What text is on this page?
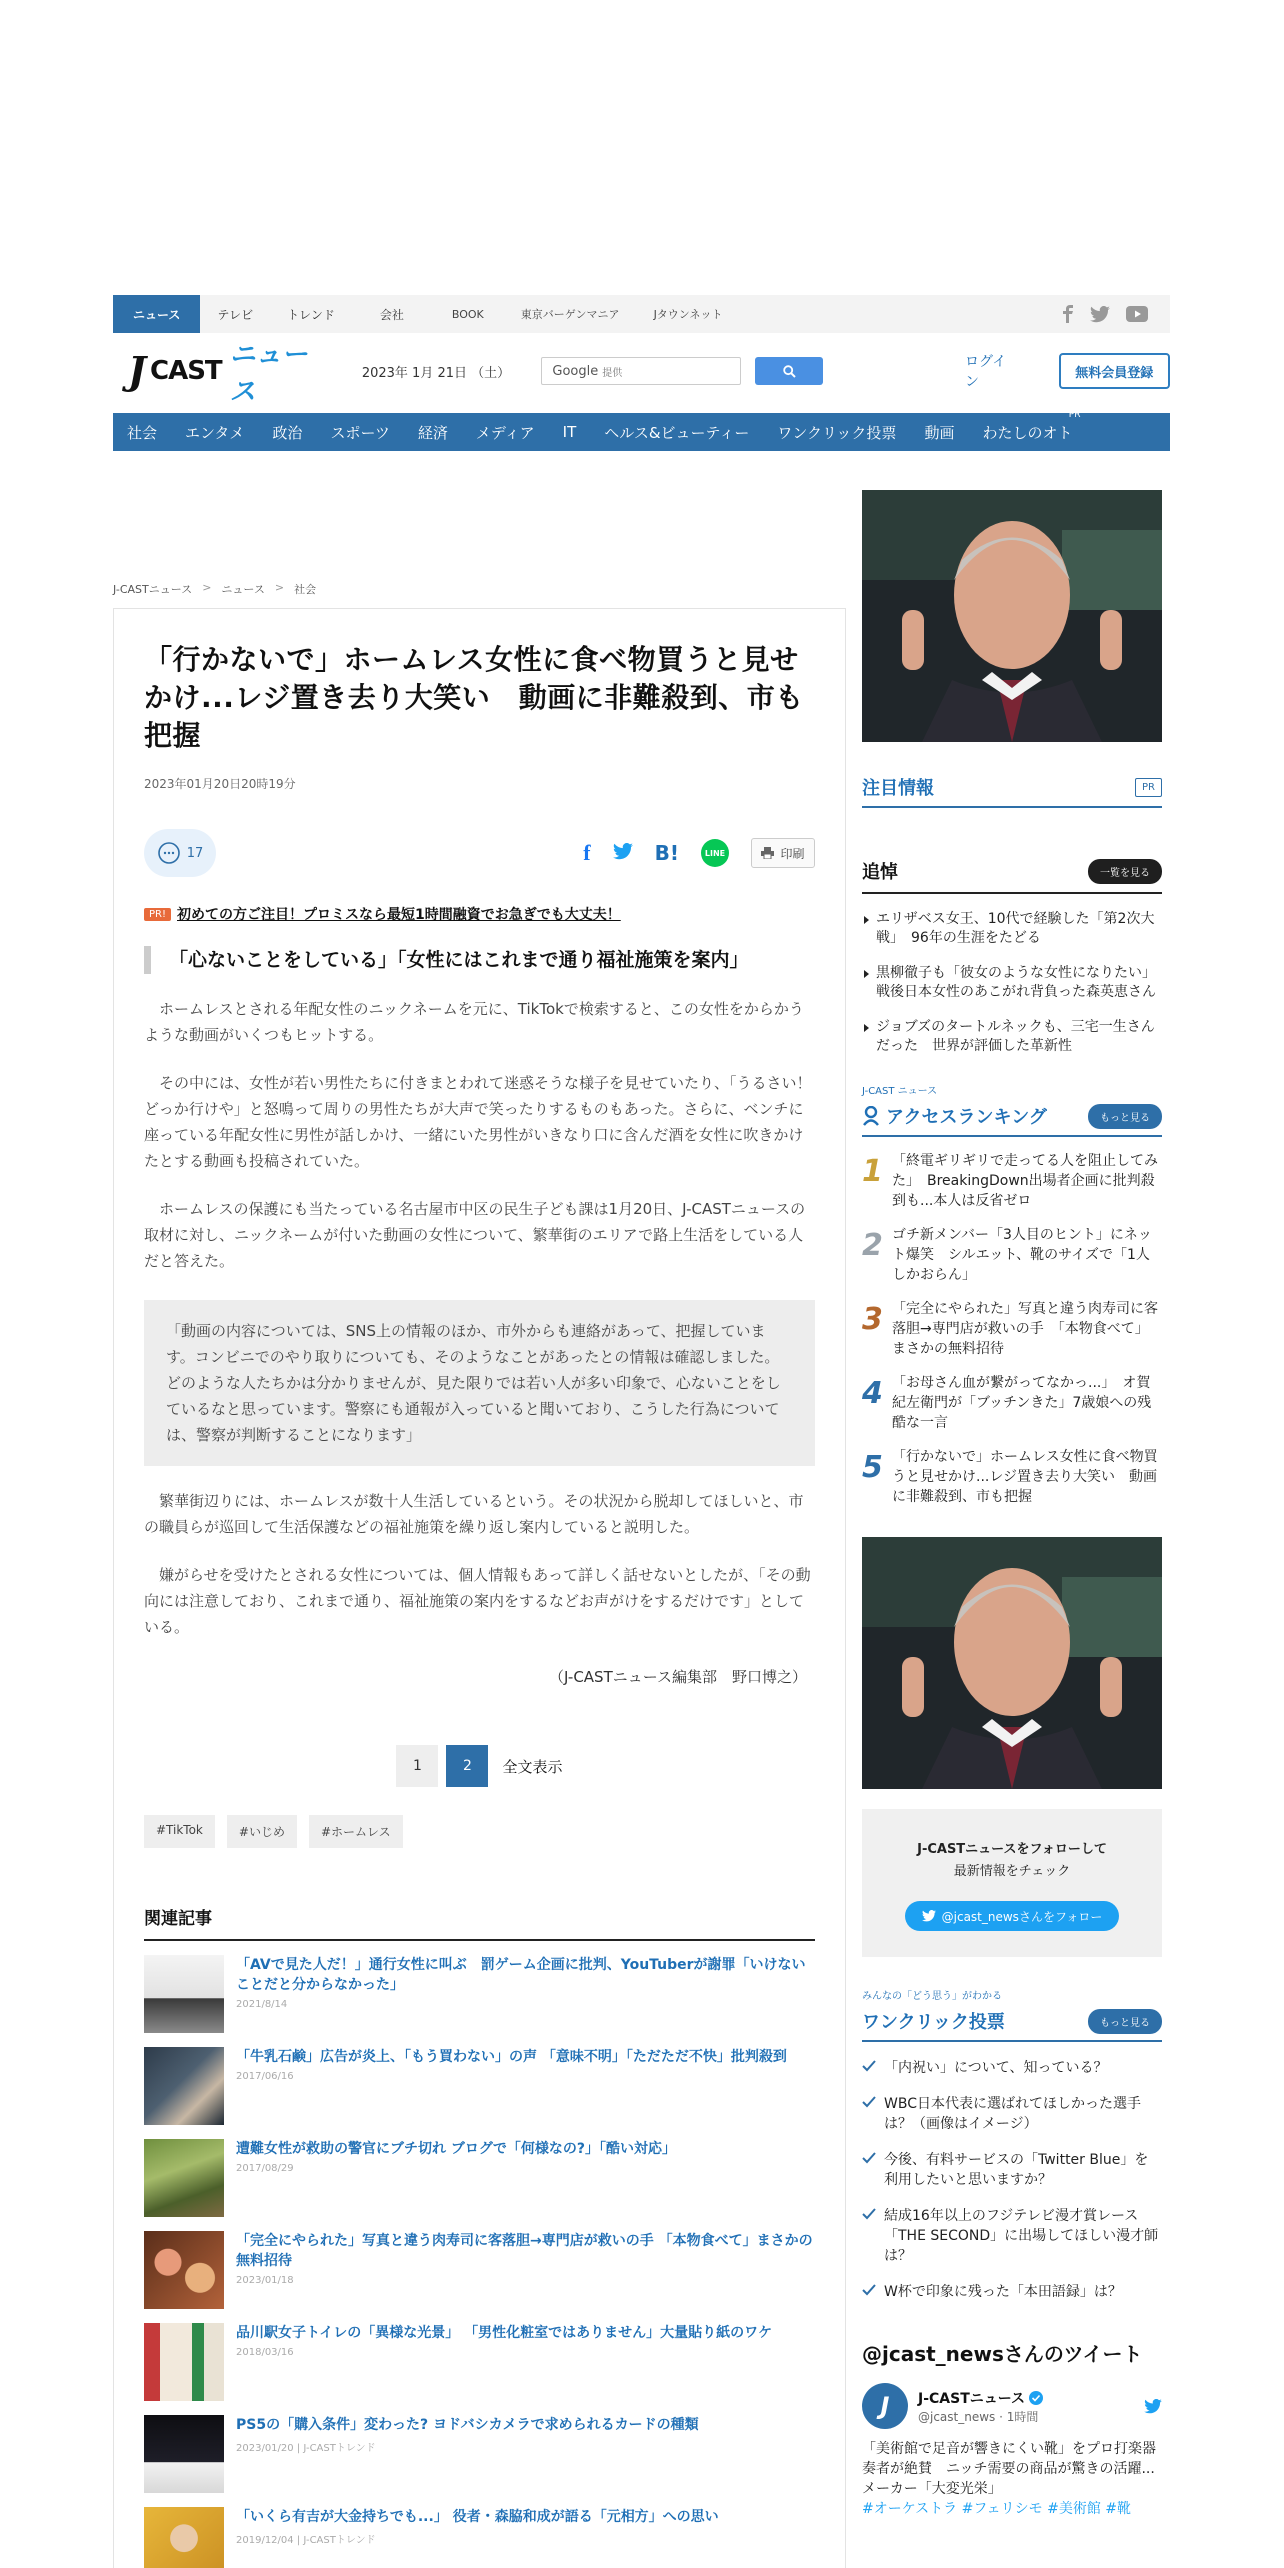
ニュース	テレビ	トレンド	会社	BOOK	東京バーゲンマニア	Jタウンネット
J CAST
ニュース
2023年 1月 21日 （土）	Google 提供
ログイン
無料会員登録
社会	エンタメ	政治	スポーツ	経済	メディア	IT	ヘルス&ビューティー	ワンクリック投票	動画	わたしのオト
PR
J-CASTニュース > ニュース > 社会
「行かないで」ホームレス女性に食べ物買うと見せかけ...レジ置き去り大笑い　動画に非難殺到、市も把握
2023年01月20日20時19分
17	f	B!	LINE	印刷
PR! 初めての方ご注目！プロミスなら最短1時間融資でお急ぎでも大丈夫！
「心ないことをしている」「女性にはこれまで通り福祉施策を案内」

ホームレスとされる年配女性のニックネームを元に、TikTokで検索すると、この女性をからかうような動画がいくつもヒットする。

その中には、女性が若い男性たちに付きまとわれて迷惑そうな様子を見せていたり、「うるさい！どっか行けや」と怒鳴って周りの男性たちが大声で笑ったりするものもあった。さらに、ベンチに座っている年配女性に男性が話しかけ、一緒にいた男性がいきなり口に含んだ酒を女性に吹きかけたとする動画も投稿されていた。

ホームレスの保護にも当たっている名古屋市中区の民生子ども課は1月20日、J-CASTニュースの取材に対し、ニックネームが付いた動画の女性について、繁華街のエリアで路上生活をしている人だと答えた。

「動画の内容については、SNS上の情報のほか、市外からも連絡があって、把握しています。コンビニでのやり取りについても、そのようなことがあったとの情報は確認しました。どのような人たちかは分かりませんが、見た限りでは若い人が多い印象で、心ないことをしているなと思っています。警察にも通報が入っていると聞いており、こうした行為については、警察が判断することになります」

繁華街辺りには、ホームレスが数十人生活しているという。その状況から脱却してほしいと、市の職員らが巡回して生活保護などの福祉施策を繰り返し案内していると説明した。

嫌がらせを受けたとされる女性については、個人情報もあって詳しく話せないとしたが、「その動向には注意しており、これまで通り、福祉施策の案内をするなどお声がけをするだけです」としている。

（J-CASTニュース編集部　野口博之）
1	2	全文表示
#TikTok	#いじめ	#ホームレス
関連記事
「AVで見た人だ！」通行女性に叫ぶ　罰ゲーム企画に批判、YouTuberが謝罪「いけないことだと分からなかった」
2021/8/14
「牛乳石鹸」広告が炎上、「もう買わない」の声 「意味不明」「ただただ不快」批判殺到
2017/06/16
遭難女性が救助の警官にブチ切れ ブログで「何様なの?」「酷い対応」
2017/08/29
「完全にやられた」写真と違う肉寿司に客落胆→専門店が救いの手 「本物食べて」まさかの無料招待
2023/01/18
品川駅女子トイレの「異様な光景」 「男性化粧室ではありません」大量貼り紙のワケ
2018/03/16
PS5の「購入条件」変わった? ヨドバシカメラで求められるカードの種類
2023/01/20 | J-CASTトレンド
「いくら有吉が大金持ちでも...」 役者・森脇和成が語る「元相方」への思い
2019/12/04 | J-CASTトレンド
注目情報	PR
追悼	一覧を見る
エリザベス女王、10代で経験した「第2次大戦」　96年の生涯をたどる
黒柳徹子も「彼女のような女性になりたい」　戦後日本女性のあこがれ背負った森英恵さん
ジョブズのタートルネックも、三宅一生さんだった　世界が評価した革新性
J-CAST ニュース
アクセスランキング	もっと見る
1 「終電ギリギリで走ってる人を阻止してみた」　BreakingDown出場者企画に批判殺到も...本人は反省ゼロ
2 ゴチ新メンバー「3人目のヒント」にネット爆笑　シルエット、靴のサイズで「1人しかおらん」
3 「完全にやられた」写真と違う肉寿司に客落胆→専門店が救いの手　「本物食べて」まさかの無料招待
4 「お母さん血が繋がってなかっ...」　オ賀紀左衛門が「ブッチンきた」7歳娘への残酷な一言
5 「行かないで」ホームレス女性に食べ物買うと見せかけ...レジ置き去り大笑い　動画に非難殺到、市も把握
J-CASTニュースをフォローして
最新情報をチェック
@jcast_newsさんをフォロー
みんなの「どう思う」がわかる
ワンクリック投票	もっと見る
「内祝い」について、知っている？
WBC日本代表に選ばれてほしかった選手は？（画像はイメージ）
今後、有料サービスの「Twitter Blue」を利用したいと思いますか？
結成16年以上のフジテレビ漫才賞レース「THE SECOND」に出場してほしい漫才師は？
W杯で印象に残った「本田語録」は？
@jcast_newsさんのツイート
J	J-CASTニュース
@jcast_news · 1時間
「美術館で足音が響きにくい靴」をプロ打楽器奏者が絶賛　ニッチ需要の商品が驚きの活躍...メーカー「大変光栄」
#オーケストラ #フェリシモ #美術館 #靴
